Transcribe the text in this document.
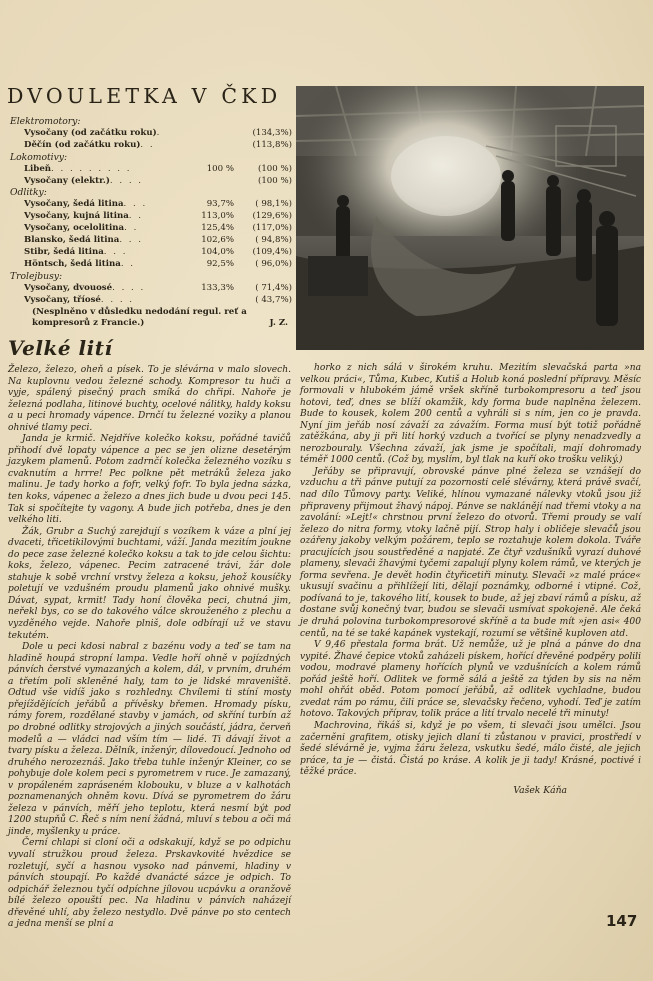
DVOULETKA V ČKD
Elektromotory:
Vysočany (od začátku roku) .	(134,3%)
Děčín (od začátku roku) . .	(113,8%)
Lokomotivy:
Libeň . . . . . . . . .	100 %	(100 %)
Vysočany (elektr.) . . . .	(100 %)
Odlitky:
Vysočany, šedá litina . . .	93,7%	( 98,1%)
Vysočany, kujná litina . .	113,0%	(129,6%)
Vysočany, ocelolitina . .	125,4%	(117,0%)
Blansko, šedá litina . . .	102,6%	( 94,8%)
Stibr, šedá litina . . .	104,0%	(109,4%)
Höntsch, šedá litina . .	92,5%	( 96,0%)
Trolejbusy:
Vysočany, dvouosé . . . .	133,3%	( 71,4%)
Vysočany, tříosé . . . .	( 43,7%)
(Nesplněno v důsledku nedodání regul. reť a kompresorů z Francie.)	J. Z.
Velké lití

Železo, železo, oheň a písek. To je slévárna v malo slovech. Na kuplovnu vedou železné schody. Kompresor tu huči a vyje, spálený pisečný prach smíká do chřipi. Nahoře je železná podlaha, litinové buchty, ocelové nálitky, haldy koksu a u peci hromady vápence. Drnčí tu železné voziky a planou ohnivé tlamy peci.

Janda je krmič. Nejdříve kolečko koksu, pořádné tavičů přihodí dvě lopaty vápence a pec se jen olizne desetérým jazykem plamenů. Potom zadrnčí kolečka železného vozíku s cvaknutím a hrrre! Pec polkne pět metráků železa jako malinu. Je tady horko a fofr, velký fofr. To byla jedna sázka, ten koks, vápenec a železo a dnes jich bude u dvou peci 145. Tak si spočítejte ty vagony. A bude jich potřeba, dnes je den velkého liti.

Žák, Grubr a Suchý zarejdují s vozíkem k váze a plní jej dvaceti, třicetikilovými buchtami, váží. Janda mezitím joukne do pece zase železné kolečko koksu a tak to jde celou šichtu: koks, železo, vápenec. Pecim zatracené trávi, žár dole stahuje k sobě vrchní vrstvy železa a koksu, jehož kousíčky poletují ve vzdušném proudu plamenů jako ohnivé mušky. Dávat, sypat, krmit! Tady honí člověka peci, chutná jim, neřekl bys, co se do takového válce skrouženého z plechu a vyzděného vejde. Nahoře plniš, dole odbírají už ve stavu tekutém.

Dole u peci kdosi nabral z bazénu vody a teď se tam na hladině houpá stropní lampa. Vedle hoří ohně v pojízdných pánvích čerstvé vymazaných a kolem, dál, v prvním, druhém a třetím poli skleněné haly, tam to je lidské mraveniště. Odtud vše vidíš jako s rozhledny. Chvílemi ti stíní mosty přejíždějících jeřábů a přívěsky břemen. Hromady písku, rámy forem, rozdělané stavby v jamách, od skříní turbín až po drobné odlitky strojových a jiných součástí, jádra, červeň modelů a — vládci nad vším tím — lidé. Ti dávají život a tvary písku a železa. Dělník, inženýr, dílovedoucí. Jednoho od druhého nerozeznáš. Jako třeba tuhle inženýr Kleiner, co se pohybuje dole kolem peci s pyrometrem v ruce. Je zamazaný, v propáleném zapráseném klobouku, v bluze a v kalhotách poznamenaných ohněm kovu. Dívá se pyrometrem do žáru železa v pánvích, měří jeho teplotu, která nesmí být pod 1200 stupňů C. Řeč s ním není žádná, mluví s tebou a oči má jinde, myšlenky u práce.

Černí chlapi si cloní oči a odskakují, když se po odpichu vyvalí stružkou proud železa. Prskavkovité hvězdice se rozletují, syčí a hasnou vysoko nad pánvemi, hladiny v pánvích stoupají. Po každé dvanácté sázce je odpich. To odpichář železnou tyčí odpíchne jílovou ucpávku a oranžově bílé železo opouští pec. Na hladinu v pánvích naházejí dřevěné uhlí, aby železo nestydlo. Dvě pánve po sto centech a jedna menší se plní a

horko z nich sálá v širokém kruhu. Mezitím slevačská parta »na velkou práci«, Tůma, Kubec, Kutiš a Holub koná poslední přípravy. Měsíc formovali v hlubokém jámě vršek skříně turbokompresoru a teď jsou hotovi, teď, dnes se blíží okamžik, kdy forma bude naplněna železem. Bude to kousek, kolem 200 centů a vyhráli si s ním, jen co je pravda. Nyní jim jeřáb nosí závaží za závažím. Forma musí být totiž pořádně zatěžkána, aby ji při lití horký vzduch a tvořící se plyny nenadzvedly a nerozbouraly. Všechna závaží, jak jsme je spočítali, mají dohromady téměř 1000 centů. (Což by, myslím, byl tlak na kuří oko trošku veliký.)

Jeřáby se připravují, obrovské pánve plné železa se vznášejí do vzduchu a tři pánve putují za pozornosti celé slévárny, která právě svačí, nad dílo Tůmovy party. Veliké, hlínou vymazané nálevky vtoků jsou již připraveny přijmout žhavý nápoj. Pánve se naklánějí nad třemi vtoky a na zavolání: »Lejt!« chrstnou první železo do otvorů. Třemi proudy se valí železo do nitra formy, vtoky lačně pijí. Strop haly i obličeje slevačů jsou ozářeny jakoby velkým požárem, teplo se roztahuje kolem dokola. Tváře pracujících jsou soustředěné a napjaté. Ze čtyř vzdušníků vyrazí duhové plameny, slevači žhavými tyčemi zapalují plyny kolem rámů, ve kterých je forma sevřena. Je devět hodin čtyřicetiři minuty. Slevači »z malé práce« ukusují svačinu a přihlížejí liti, dělají poznámky, odborné i vtipné. Což, podívaná to je, takového lití, kousek to bude, až jej zbaví rámů a písku, až dostane svůj konečný tvar, budou se slevači usmívat spokojeně. Ale čeká je druhá polovina turbokompresorové skříně a ta bude mít »jen asi« 400 centů, na té se také kapánek vystekají, rozumí se většině kuploven atd.

V 9,46 přestala forma brát. Už nemůže, už je plná a pánve do dna vypité. Žhavé čepice vtoků zaházeli pískem, hořící dřevěné podpěry polili vodou, modravé plameny hořících plynů ve vzdušnících a kolem rámů pořád ještě hoří. Odlitek ve formě sálá a ještě za týden by sis na něm mohl ohřát oběd. Potom pomocí jeřábů, až odlitek vychladne, budou zvedat rám po rámu, čili práce se, slevačsky řečeno, vyhodí. Teď je zatím hotovo. Takových příprav, tolik práce a lití trvalo necelé tři minuty!

Machrovina, řikáš si, když je po všem, ti slevači jsou umělci. Jsou začerněni grafitem, otisky jejich dlaní ti zůstanou v pravici, prostředí v šedé slévárně je, vyjma žáru železa, vskutku šedé, málo čisté, ale jejich práce, ta je — čistá. Čistá po krásе. A kolik je ji tady! Krásné, poctivé i těžké práce.

Vašek Káňa
147
